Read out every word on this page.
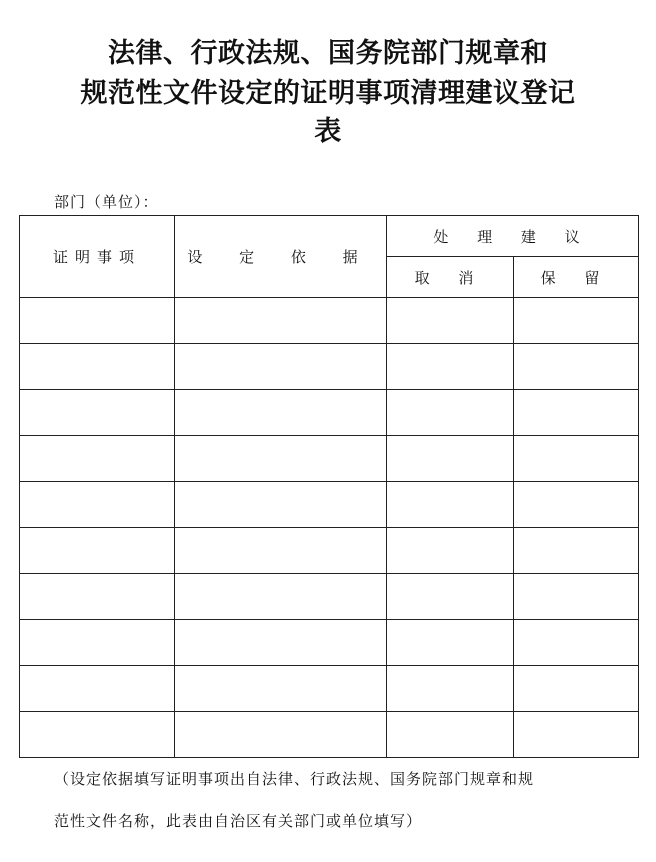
法律、行政法规、国务院部门规章和
规范性文件设定的证明事项清理建议登记
表
部门（单位）：
证明事项	设 定 依 据	处 理 建 议	
		取 消	保 留

（设定依据填写证明事项出自法律、行政法规、国务院部门规章和规
范性文件名称，此表由自治区有关部门或单位填写）
